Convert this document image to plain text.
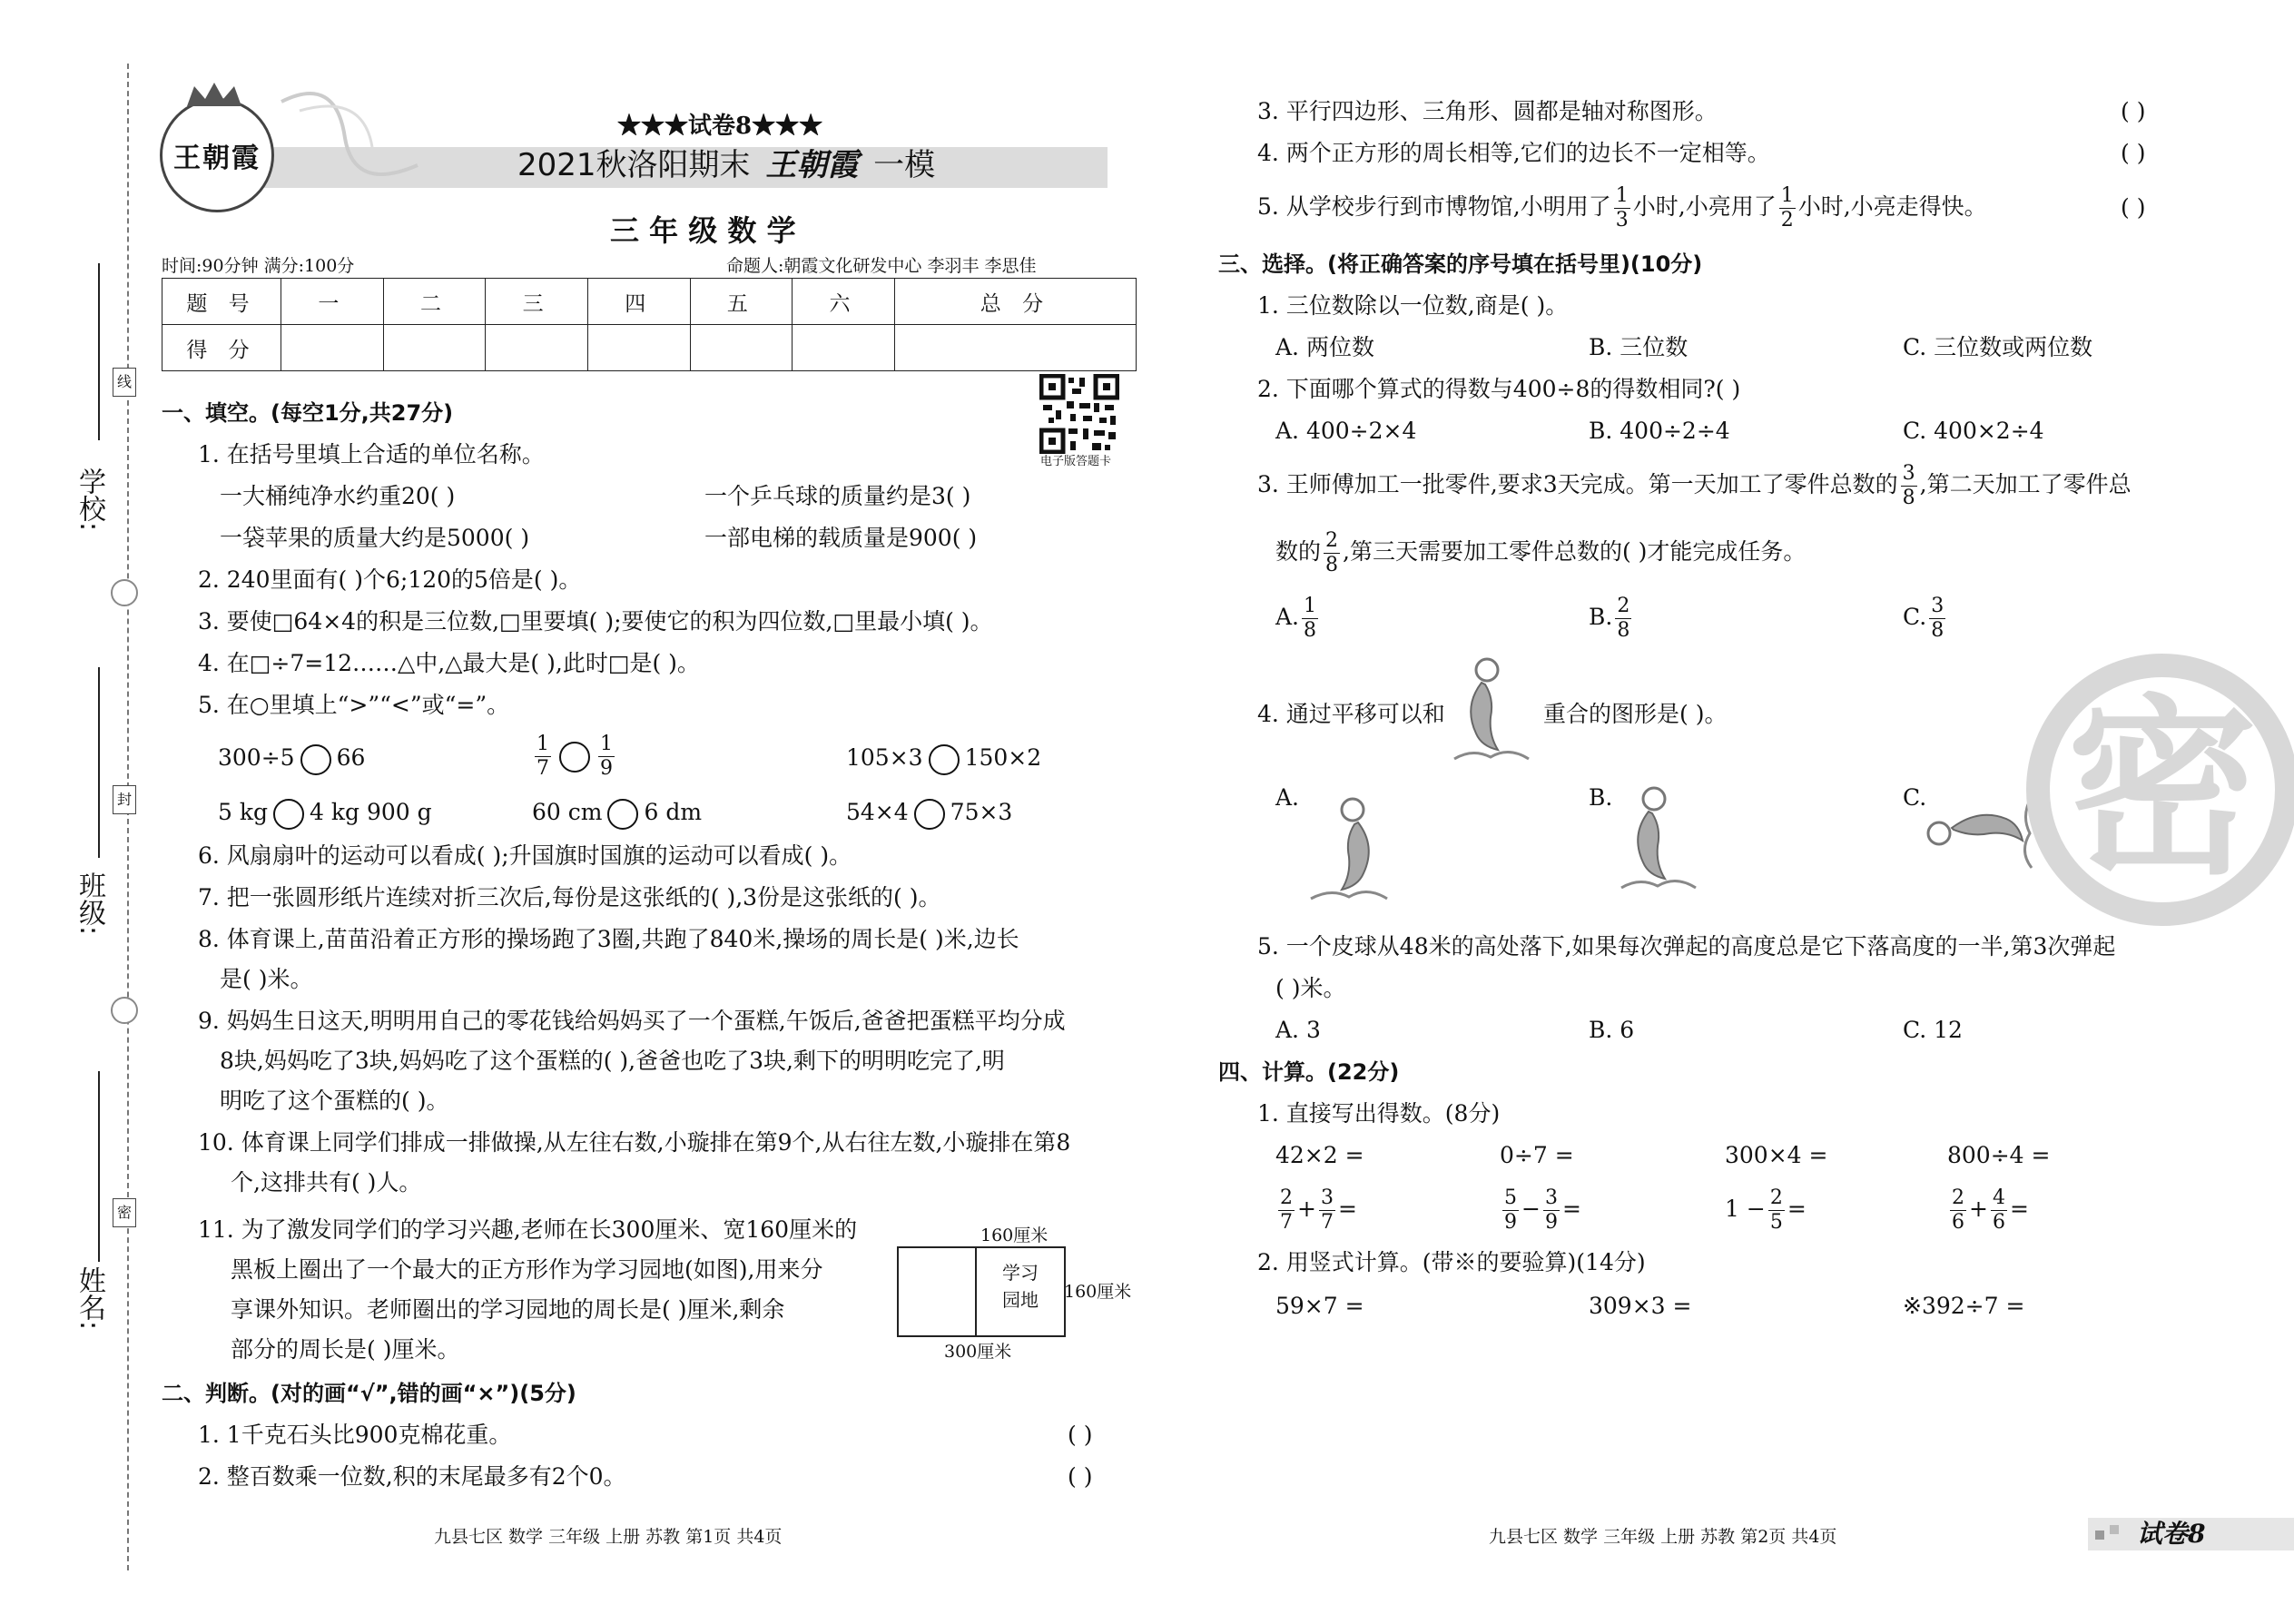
线
封
密
学校:
班级:
姓名:
王朝霞
★★★试卷8★★★
2021秋洛阳期末 王朝霞 一模
三 年 级 数 学
时间:90分钟 满分:100分	命题人:朝霞文化研发中心 李羽丰 李思佳
题 号	一	二	三	四	五	六	总 分
得 分							
电子版答题卡
一、填空。(每空1分,共27分)
1. 在括号里填上合适的单位名称。
一大桶纯净水约重20( )	一个乒乓球的质量约是3( )
一袋苹果的质量大约是5000( )	一部电梯的载质量是900( )
2. 240里面有( )个6;120的5倍是( )。
3. 要使□64×4的积是三位数,□里要填( );要使它的积为四位数,□里最小填( )。
4. 在□÷7=12……△中,△最大是( ),此时□是( )。
5. 在○里填上“>”“<”或“=”。
300÷5 66	$\frac{1}{7} \frac{1}{9}$	105×3 150×2
5 kg 4 kg 900 g	60 cm 6 dm	54×4 75×3
6. 风扇扇叶的运动可以看成( );升国旗时国旗的运动可以看成( )。
7. 把一张圆形纸片连续对折三次后,每份是这张纸的( ),3份是这张纸的( )。
8. 体育课上,苗苗沿着正方形的操场跑了3圈,共跑了840米,操场的周长是( )米,边长
是( )米。
9. 妈妈生日这天,明明用自己的零花钱给妈妈买了一个蛋糕,午饭后,爸爸把蛋糕平均分成
8块,妈妈吃了3块,妈妈吃了这个蛋糕的( ),爸爸也吃了3块,剩下的明明吃完了,明
明吃了这个蛋糕的( )。
10. 体育课上同学们排成一排做操,从左往右数,小璇排在第9个,从右往左数,小璇排在第8
个,这排共有( )人。
11. 为了激发同学们的学习兴趣,老师在长300厘米、宽160厘米的
黑板上圈出了一个最大的正方形作为学习园地(如图),用来分
享课外知识。老师圈出的学习园地的周长是( )厘米,剩余
部分的周长是( )厘米。
学习
园地
160厘米
160厘米
300厘米
二、判断。(对的画“√”,错的画“×”)(5分)
1. 1千克石头比900克棉花重。	( )
2. 整百数乘一位数,积的末尾最多有2个0。	( )
3. 平行四边形、三角形、圆都是轴对称图形。	( )
4. 两个正方形的周长相等,它们的边长不一定相等。	( )
5. 从学校步行到市博物馆,小明用了 $\frac{1}{3}$ 小时,小亮用了 $\frac{1}{2}$ 小时,小亮走得快。	( )
三、选择。(将正确答案的序号填在括号里)(10分)
1. 三位数除以一位数,商是( )。
A. 两位数	B. 三位数	C. 三位数或两位数
2. 下面哪个算式的得数与400÷8的得数相同?( )
A. 400÷2×4	B. 400÷2÷4	C. 400×2÷4
3. 王师傅加工一批零件,要求3天完成。第一天加工了零件总数的 $\frac{3}{8}$ ,第二天加工了零件总
数的 $\frac{2}{8}$ ,第三天需要加工零件总数的( )才能完成任务。
A. $\frac{1}{8}$	B. $\frac{2}{8}$	C. $\frac{3}{8}$
4. 通过平移可以和	重合的图形是( )。
A.	B.	C.
5. 一个皮球从48米的高处落下,如果每次弹起的高度总是它下落高度的一半,第3次弹起
( )米。
A. 3	B. 6	C. 12
四、计算。(22分)
1. 直接写出得数。(8分)
42×2 =	0÷7 =	300×4 =	800÷4 =
$\frac{2}{7} + \frac{3}{7}$ =	$\frac{5}{9} - \frac{3}{9}$ =	$1 - \frac{2}{5}$ =	$\frac{2}{6} + \frac{4}{6}$ =
2. 用竖式计算。(带※的要验算)(14分)
59×7 =	309×3 =	※392÷7 =
密
九县七区 数学 三年级 上册 苏教 第1页 共4页	九县七区 数学 三年级 上册 苏教 第2页 共4页	试卷8
